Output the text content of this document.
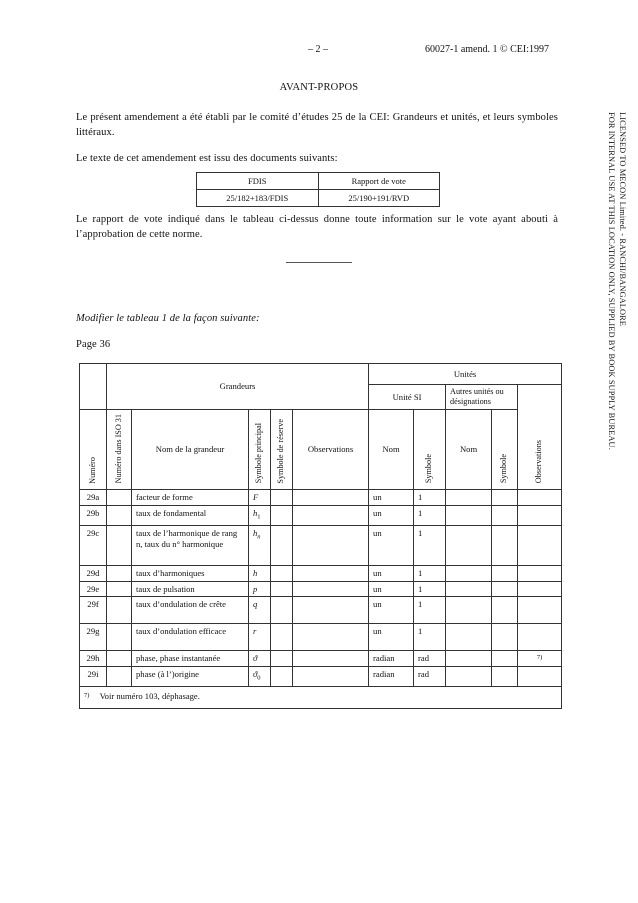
– 2 –	60027-1 amend. 1 © CEI:1997
AVANT-PROPOS
Le présent amendement a été établi par le comité d’études 25 de la CEI: Grandeurs et unités, et leurs symboles littéraux.
Le texte de cet amendement est issu des documents suivants:
FDIS	Rapport de vote
25/182+183/FDIS	25/190+191/RVD
Le rapport de vote indiqué dans le tableau ci-dessus donne toute information sur le vote ayant abouti à l’approbation de cette norme.
Modifier le tableau 1 de la façon suivante:
Page 36
	Grandeurs					Unités				
						Unité SI		Autres unités ou désignations		Observations

Numéro	Numéro dans ISO 31	Nom de la grandeur	Symbole principal	Symbole de réserve	Observations	Nom	Symbole	Nom	Symbole	

29a		facteur de forme	F			un	1			
29b		taux de fondamental	$h_1$			un	1			
29c		taux de l’harmonique de rang n, taux du n° harmonique	$h_n$			un	1			
29d		taux d’harmoniques	h			un	1			
29e		taux de pulsation	p			un	1			
29f		taux d’ondulation de crête	q			un	1			
29g		taux d’ondulation efficace	r			un	1			
29h		phase, phase instantanée	ϑ			radian	rad			7)
29i		phase (à l’)origine	$ϑ_0$			radian	rad			
$^{7)}$ Voir numéro 103, déphasage.										
LICENSED TO MECON Limited. - RANCHI/BANGALORE
FOR INTERNAL USE AT THIS LOCATION ONLY, SUPPLIED BY BOOK SUPPLY BUREAU.
